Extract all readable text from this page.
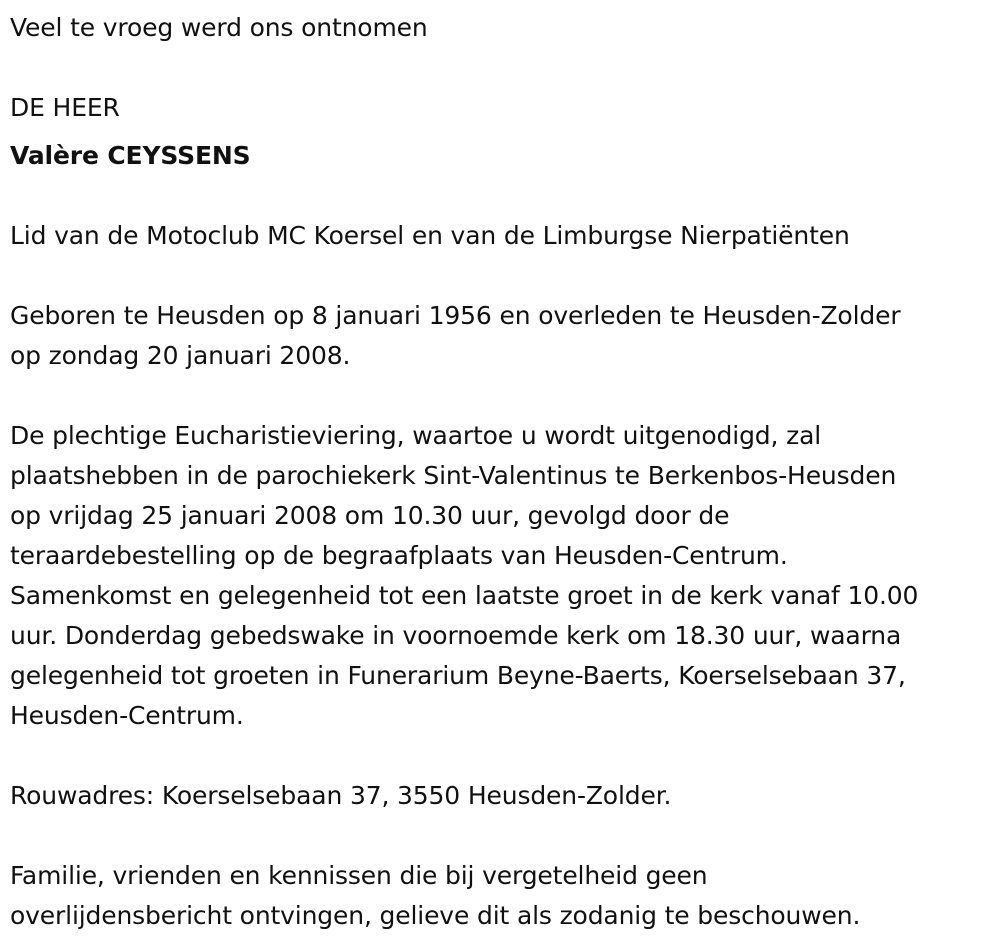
Veel te vroeg werd ons ontnomen
DE HEER
Valère CEYSSENS
Lid van de Motoclub MC Koersel en van de Limburgse Nierpatiënten
Geboren te Heusden op 8 januari 1956 en overleden te Heusden-Zolder
op zondag 20 januari 2008.
De plechtige Eucharistieviering, waartoe u wordt uitgenodigd, zal
plaatshebben in de parochiekerk Sint-Valentinus te Berkenbos-Heusden
op vrijdag 25 januari 2008 om 10.30 uur, gevolgd door de
teraardebestelling op de begraafplaats van Heusden-Centrum.
Samenkomst en gelegenheid tot een laatste groet in de kerk vanaf 10.00
uur. Donderdag gebedswake in voornoemde kerk om 18.30 uur, waarna
gelegenheid tot groeten in Funerarium Beyne-Baerts, Koerselsebaan 37,
Heusden-Centrum.
Rouwadres: Koerselsebaan 37, 3550 Heusden-Zolder.
Familie, vrienden en kennissen die bij vergetelheid geen
overlijdensbericht ontvingen, gelieve dit als zodanig te beschouwen.
